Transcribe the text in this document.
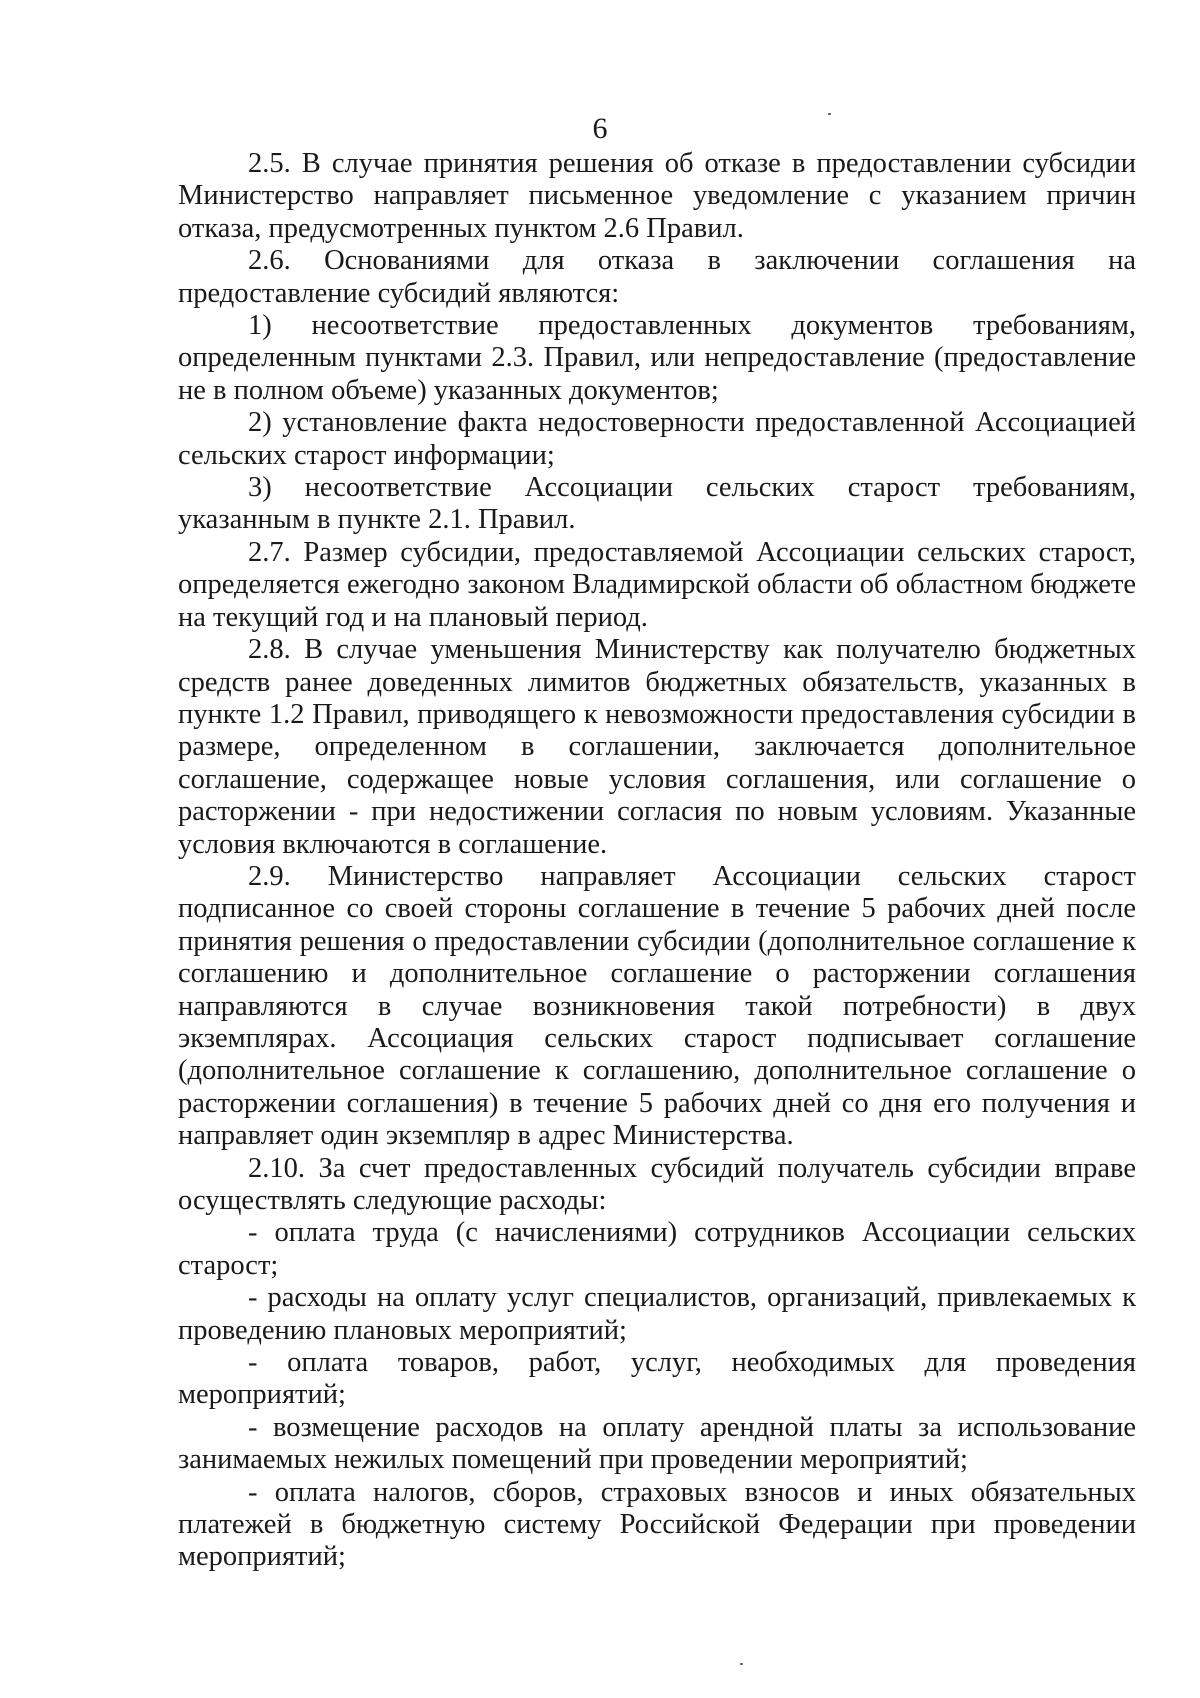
6

2.5. В случае принятия решения об отказе в предоставлении субсидии Министерство направляет письменное уведомление с указанием причин отказа, предусмотренных пунктом 2.6 Правил.

2.6. Основаниями для отказа в заключении соглашения на предоставление субсидий являются:

1) несоответствие предоставленных документов требованиям, определенным пунктами 2.3. Правил, или непредоставление (предоставление не в полном объеме) указанных документов;

2) установление факта недостоверности предоставленной Ассоциацией сельских старост информации;

3) несоответствие Ассоциации сельских старост требованиям, указанным в пункте 2.1. Правил.

2.7. Размер субсидии, предоставляемой Ассоциации сельских старост, определяется ежегодно законом Владимирской области об областном бюджете на текущий год и на плановый период.

2.8. В случае уменьшения Министерству как получателю бюджетных средств ранее доведенных лимитов бюджетных обязательств, указанных в пункте 1.2 Правил, приводящего к невозможности предоставления субсидии в размере, определенном в соглашении, заключается дополнительное соглашение, содержащее новые условия соглашения, или соглашение о расторжении - при недостижении согласия по новым условиям. Указанные условия включаются в соглашение.

2.9. Министерство направляет Ассоциации сельских старост подписанное со своей стороны соглашение в течение 5 рабочих дней после принятия решения о предоставлении субсидии (дополнительное соглашение к соглашению и дополнительное соглашение о расторжении соглашения направляются в случае возникновения такой потребности) в двух экземплярах. Ассоциация сельских старост подписывает соглашение (дополнительное соглашение к соглашению, дополнительное соглашение о расторжении соглашения) в течение 5 рабочих дней со дня его получения и направляет один экземпляр в адрес Министерства.

2.10. За счет предоставленных субсидий получатель субсидии вправе осуществлять следующие расходы:

- оплата труда (с начислениями) сотрудников Ассоциации сельских старост;

- расходы на оплату услуг специалистов, организаций, привлекаемых к проведению плановых мероприятий;

- оплата товаров, работ, услуг, необходимых для проведения мероприятий;

- возмещение расходов на оплату арендной платы за использование занимаемых нежилых помещений при проведении мероприятий;

- оплата налогов, сборов, страховых взносов и иных обязательных платежей в бюджетную систему Российской Федерации при проведении мероприятий;
